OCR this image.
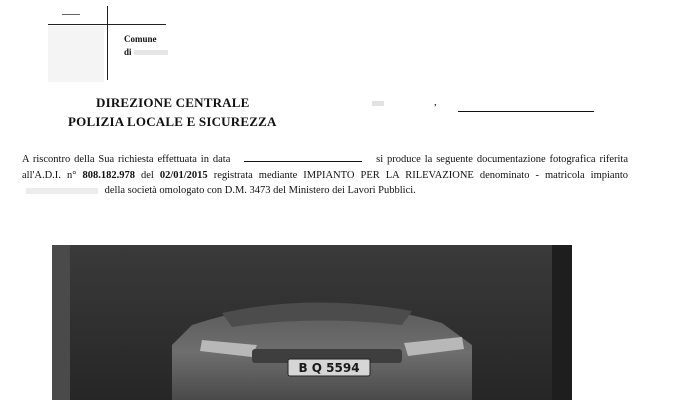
Comune
di
DIREZIONE CENTRALE
POLIZIA LOCALE E SICUREZZA
,
A riscontro della Sua richiesta effettuata in data	si produce la seguente documentazione fotografica riferita all'A.D.I. n° 808.182.978 del 02/01/2015 registrata mediante IMPIANTO PER LA RILEVAZIONE denominato - matricola impianto  della società omologato con D.M. 3473 del Ministero dei Lavori Pubblici.
B Q 5594
